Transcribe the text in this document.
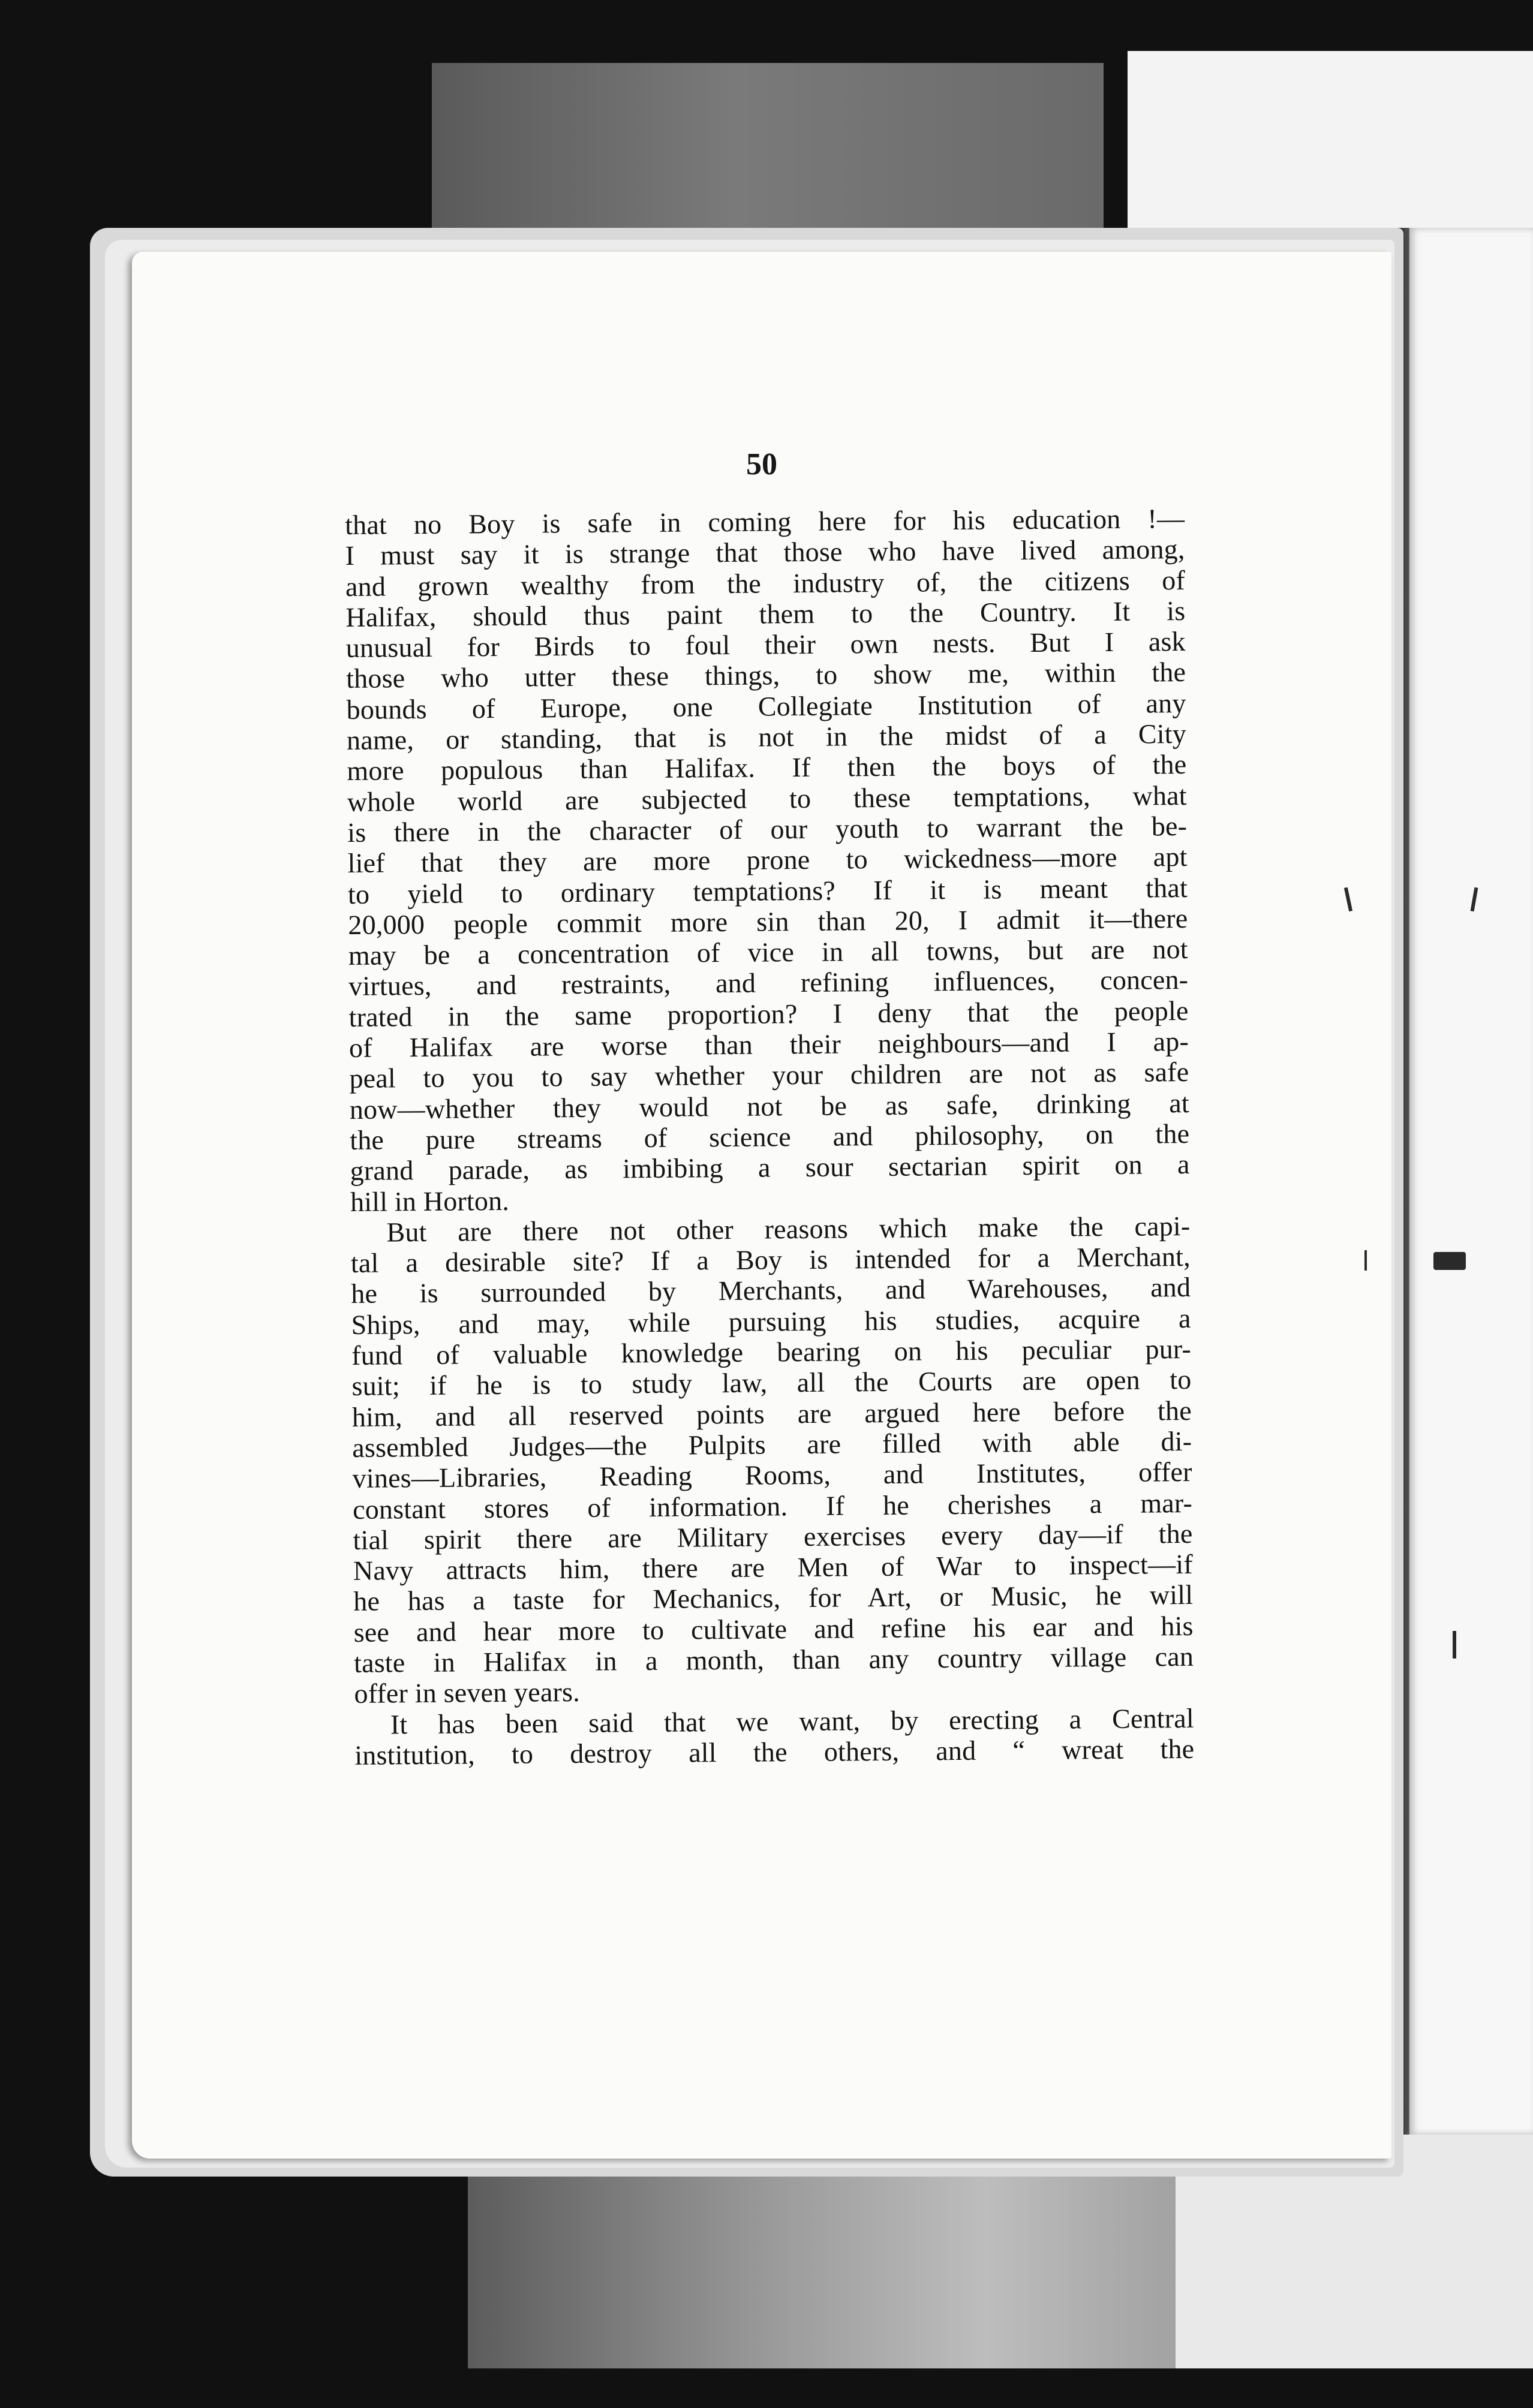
50
that no Boy is safe in coming here for his education !—
I must say it is strange that those who have lived among,
and grown wealthy from the industry of, the citizens of
Halifax, should thus paint them to the Country. It is
unusual for Birds to foul their own nests. But I ask
those who utter these things, to show me, within the
bounds of Europe, one Collegiate Institution of any
name, or standing, that is not in the midst of a City
more populous than Halifax. If then the boys of the
whole world are subjected to these temptations, what
is there in the character of our youth to warrant the be-
lief that they are more prone to wickedness—more apt
to yield to ordinary temptations? If it is meant that
20,000 people commit more sin than 20, I admit it—there
may be a concentration of vice in all towns, but are not
virtues, and restraints, and refining influences, concen-
trated in the same proportion? I deny that the people
of Halifax are worse than their neighbours—and I ap-
peal to you to say whether your children are not as safe
now—whether they would not be as safe, drinking at
the pure streams of science and philosophy, on the
grand parade, as imbibing a sour sectarian spirit on a
hill in Horton.
But are there not other reasons which make the capi-
tal a desirable site? If a Boy is intended for a Merchant,
he is surrounded by Merchants, and Warehouses, and
Ships, and may, while pursuing his studies, acquire a
fund of valuable knowledge bearing on his peculiar pur-
suit; if he is to study law, all the Courts are open to
him, and all reserved points are argued here before the
assembled Judges—the Pulpits are filled with able di-
vines—Libraries, Reading Rooms, and Institutes, offer
constant stores of information. If he cherishes a mar-
tial spirit there are Military exercises every day—if the
Navy attracts him, there are Men of War to inspect—if
he has a taste for Mechanics, for Art, or Music, he will
see and hear more to cultivate and refine his ear and his
taste in Halifax in a month, than any country village can
offer in seven years.
It has been said that we want, by erecting a Central
institution, to destroy all the others, and “ wreat the
